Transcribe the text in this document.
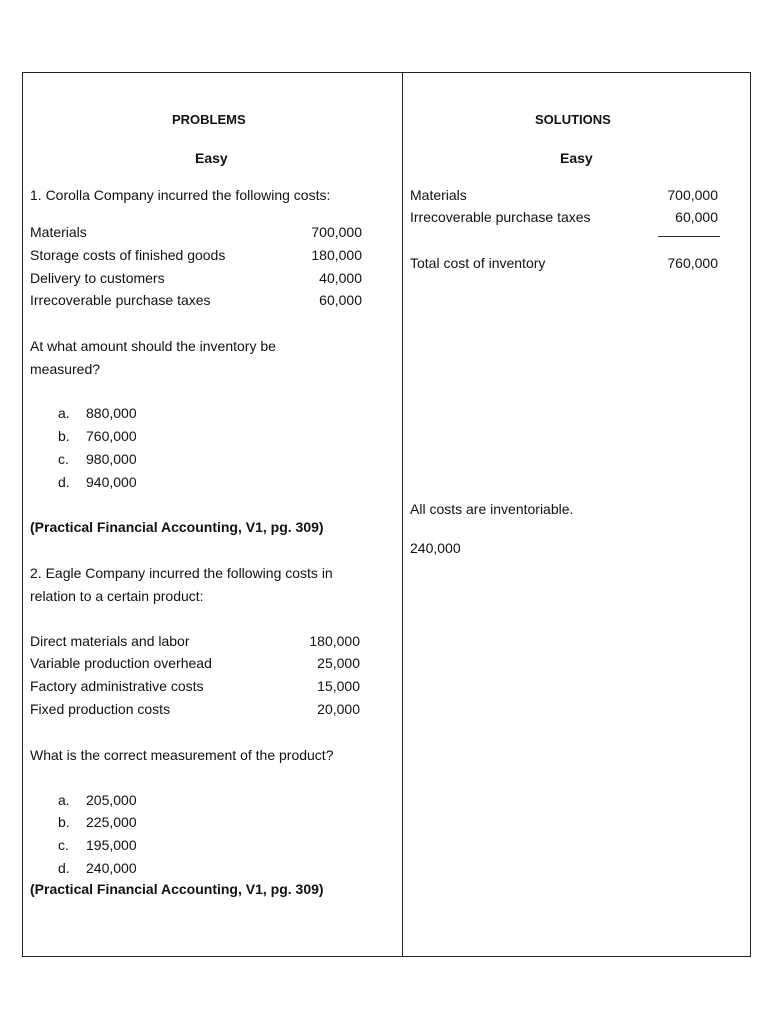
PROBLEMS
Easy
SOLUTIONS
Easy
1. Corolla Company incurred the following costs:
Materials	700,000
Storage costs of finished goods	180,000
Delivery to customers	40,000
Irrecoverable purchase taxes	60,000
At what amount should the inventory be
measured?
a. 880,000
b. 760,000
c. 980,000
d. 940,000
(Practical Financial Accounting, V1, pg. 309)
2. Eagle Company incurred the following costs in
relation to a certain product:
Direct materials and labor	180,000
Variable production overhead	25,000
Factory administrative costs	15,000
Fixed production costs	20,000
What is the correct measurement of the product?
a. 205,000
b. 225,000
c. 195,000
d. 240,000
(Practical Financial Accounting, V1, pg. 309)
Materials	700,000
Irrecoverable purchase taxes	60,000
Total cost of inventory	760,000
All costs are inventoriable.
240,000
